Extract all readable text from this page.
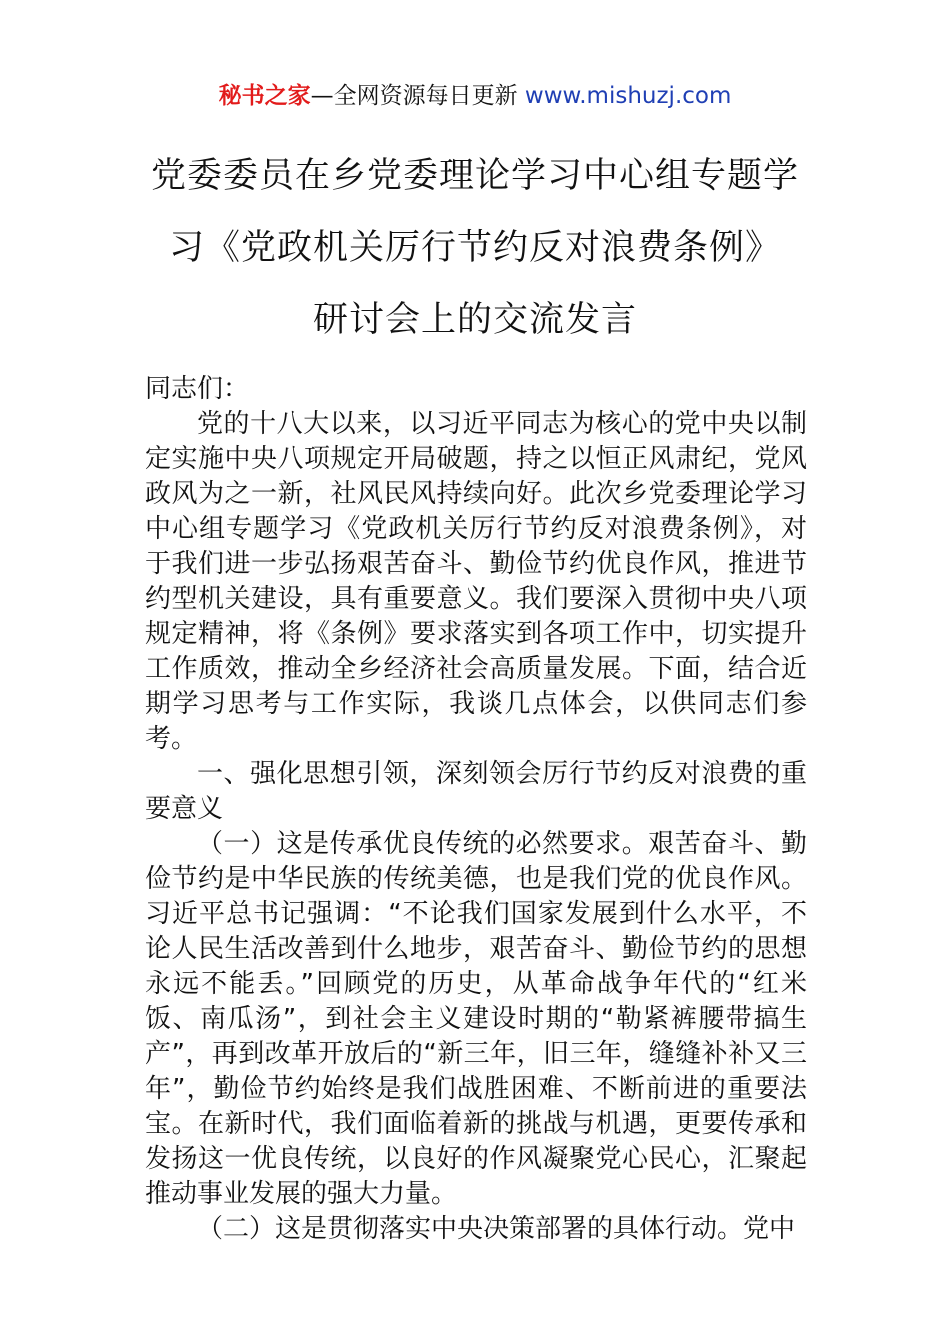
秘书之家—全网资源每日更新 www.mishuzj.com
党委委员在乡党委理论学习中心组专题学
习《党政机关厉行节约反对浪费条例》
研讨会上的交流发言

同志们：

党的十八大以来，以习近平同志为核心的党中央以制定实施中央八项规定开局破题，持之以恒正风肃纪，党风政风为之一新，社风民风持续向好。此次乡党委理论学习中心组专题学习《党政机关厉行节约反对浪费条例》，对于我们进一步弘扬艰苦奋斗、勤俭节约优良作风，推进节约型机关建设，具有重要意义。我们要深入贯彻中央八项规定精神，将《条例》要求落实到各项工作中，切实提升工作质效，推动全乡经济社会高质量发展。下面，结合近期学习思考与工作实际，我谈几点体会，以供同志们参考。

一、强化思想引领，深刻领会厉行节约反对浪费的重要意义

（一）这是传承优良传统的必然要求。艰苦奋斗、勤俭节约是中华民族的传统美德，也是我们党的优良作风。习近平总书记强调：“不论我们国家发展到什么水平，不论人民生活改善到什么地步，艰苦奋斗、勤俭节约的思想永远不能丢。”回顾党的历史，从革命战争年代的“红米饭、南瓜汤”，到社会主义建设时期的“勒紧裤腰带搞生产”，再到改革开放后的“新三年，旧三年，缝缝补补又三年”，勤俭节约始终是我们战胜困难、不断前进的重要法宝。在新时代，我们面临着新的挑战与机遇，更要传承和发扬这一优良传统，以良好的作风凝聚党心民心，汇聚起推动事业发展的强大力量。

（二）这是贯彻落实中央决策部署的具体行动。党中
